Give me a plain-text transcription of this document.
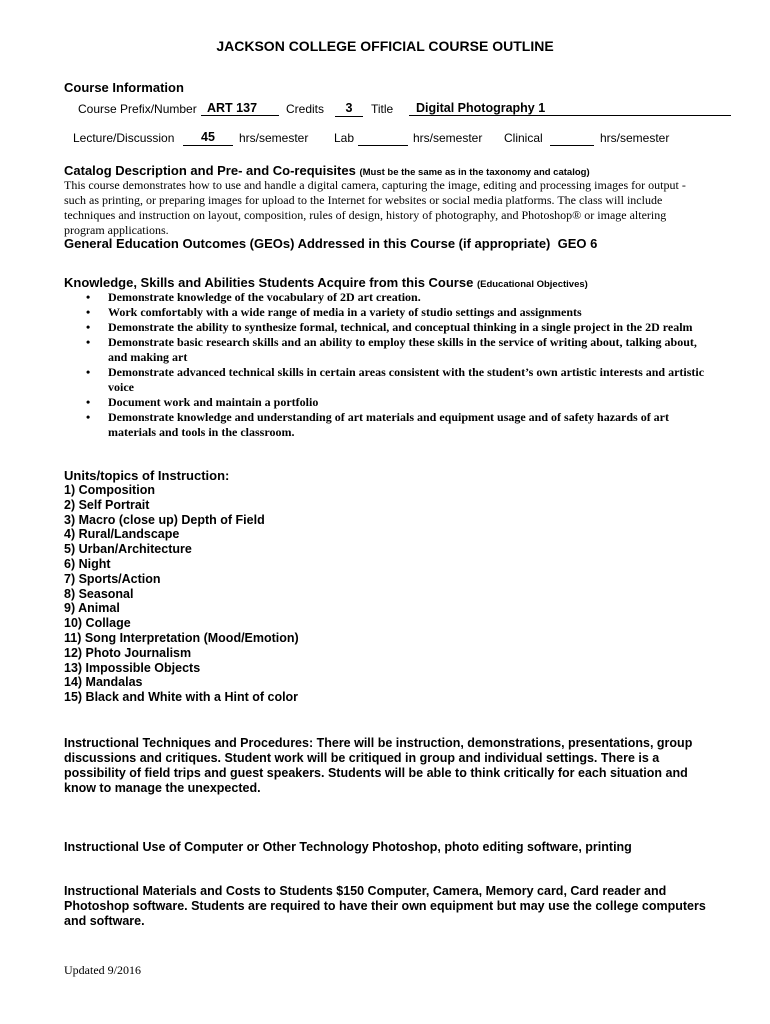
JACKSON COLLEGE OFFICIAL COURSE OUTLINE
Course Information
Course Prefix/Number ART 137	Credits	3	Title	Digital Photography 1
Lecture/Discussion	45	hrs/semester Lab	hrs/semester Clinical	hrs/semester
Catalog Description and Pre- and Co-requisites (Must be the same as in the taxonomy and catalog)
This course demonstrates how to use and handle a digital camera, capturing the image, editing and processing images for output - such as printing, or preparing images for upload to the Internet for websites or social media platforms. The class will include techniques and instruction on layout, composition, rules of design, history of photography, and Photoshop® or image altering program applications.
General Education Outcomes (GEOs) Addressed in this Course (if appropriate) GEO 6
Knowledge, Skills and Abilities Students Acquire from this Course (Educational Objectives)
• Demonstrate knowledge of the vocabulary of 2D art creation.
• Work comfortably with a wide range of media in a variety of studio settings and assignments
• Demonstrate the ability to synthesize formal, technical, and conceptual thinking in a single project in the 2D realm
• Demonstrate basic research skills and an ability to employ these skills in the service of writing about, talking about, and making art
• Demonstrate advanced technical skills in certain areas consistent with the student’s own artistic interests and artistic voice
• Document work and maintain a portfolio
• Demonstrate knowledge and understanding of art materials and equipment usage and of safety hazards of art materials and tools in the classroom.
Units/topics of Instruction:
1) Composition
2) Self Portrait
3) Macro (close up) Depth of Field
4) Rural/Landscape
5) Urban/Architecture
6) Night
7) Sports/Action
8) Seasonal
9) Animal
10) Collage
11) Song Interpretation (Mood/Emotion)
12) Photo Journalism
13) Impossible Objects
14) Mandalas
15) Black and White with a Hint of color
Instructional Techniques and Procedures: There will be instruction, demonstrations, presentations, group discussions and critiques. Student work will be critiqued in group and individual settings. There is a possibility of field trips and guest speakers. Students will be able to think critically for each situation and know to manage the unexpected.
Instructional Use of Computer or Other Technology Photoshop, photo editing software, printing
Instructional Materials and Costs to Students $150 Computer, Camera, Memory card, Card reader and Photoshop software. Students are required to have their own equipment but may use the college computers and software.
Updated 9/2016
